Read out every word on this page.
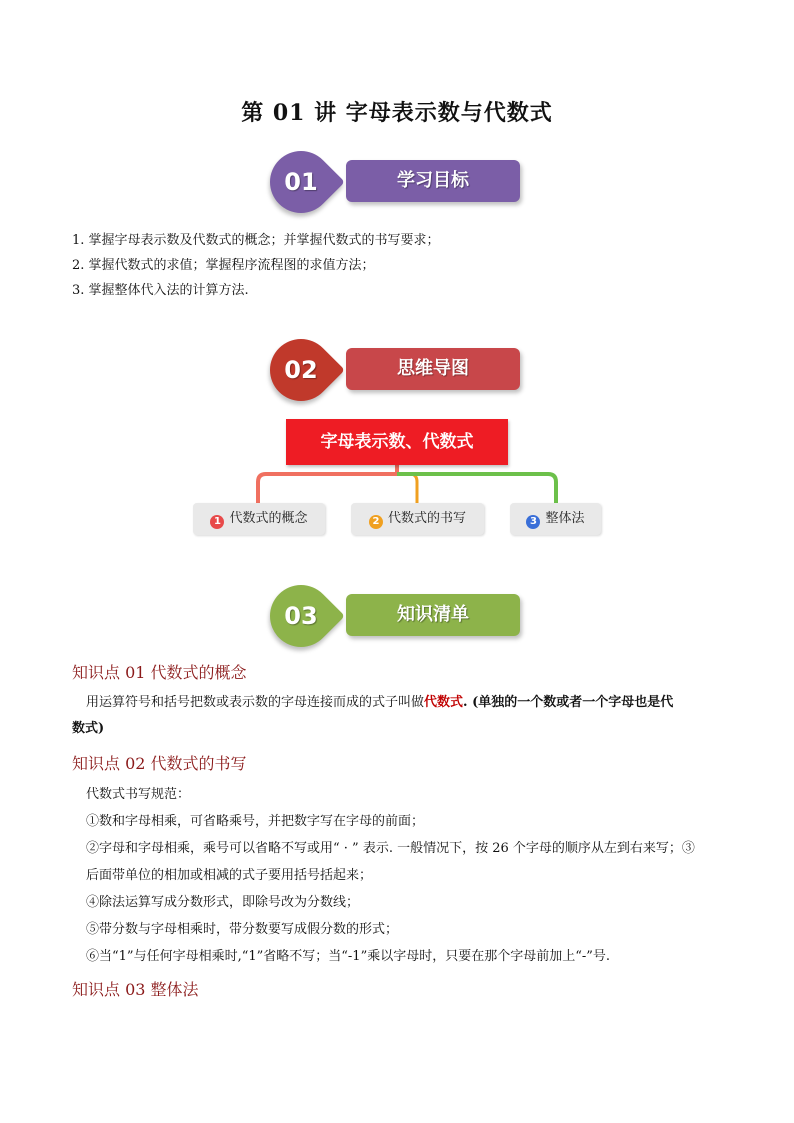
第 01 讲 字母表示数与代数式
01	学习目标
1. 掌握字母表示数及代数式的概念；并掌握代数式的书写要求；
2. 掌握代数式的求值；掌握程序流程图的求值方法；
3. 掌握整体代入法的计算方法.
02	思维导图
字母表示数、代数式
1 代数式的概念	2 代数式的书写	3 整体法
03	知识清单
知识点 01 代数式的概念
用运算符号和括号把数或表示数的字母连接而成的式子叫做代数式. (单独的一个数或者一个字母也是代
数式)
知识点 02 代数式的书写
代数式书写规范：
①数和字母相乘，可省略乘号，并把数字写在字母的前面；
②字母和字母相乘，乘号可以省略不写或用“ · ” 表示. 一般情况下，按 26 个字母的顺序从左到右来写；③
后面带单位的相加或相减的式子要用括号括起来；
④除法运算写成分数形式，即除号改为分数线；
⑤带分数与字母相乘时，带分数要写成假分数的形式；
⑥当“1”与任何字母相乘时,“1”省略不写；当“-1”乘以字母时，只要在那个字母前加上“-”号.
知识点 03 整体法
